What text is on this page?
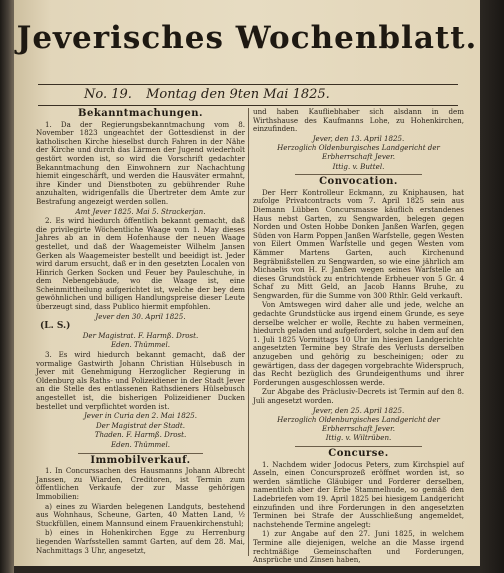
Jeverisches Wochenblatt.
No. 19. Montag den 9ten Mai 1825.
Bekanntmachungen.

1. Da der Regierungsbekanntmachung vom 8. November 1823 ungeachtet der Gottesdienst in der katholischen Kirche hieselbst durch Fahren in der Nähe der Kirche und durch das Lärmen der Jugend wiederholt gestört worden ist, so wird die Vorschrift gedachter Bekanntmachung den Einwohnern zur Nachachtung hiemit eingeschärft, und werden die Hausväter ermahnt, ihre Kinder und Dienstboten zu gebührender Ruhe anzuhalten, widrigenfalls die Übertreter dem Amte zur Bestrafung angezeigt werden sollen.

Amt Jever 1825. Mai 5. Strackerjan.

2. Es wird hiedurch öffentlich bekannt gemacht, daß die privilegirte Wöchentliche Waage vom 1. May dieses Jahres ab an in dem Hofenhause der neuen Waage gestellet, und daß der Waagemeister Wilhelm Jansen Gerken als Waagemeister bestellt und beeidigt ist. Jeder wird darum ersucht, daß er in den gesetzten Localen von Hinrich Gerken Socken und Feuer bey Pauleschuhe, in dem Nebengebäude, wo die Waage ist, eine Scheinmittheilung aufgerichtet ist, welche der bey dem gewöhnlichen und billigen Handlungspreise dieser Leute überzeugt sind, dass Publico hiermit empfohlen.

Jever den 30. April 1825.
(L. S.)
Der Magistrat. F. Harmß. Drost.
Eden. Thümmel.

3. Es wird hiedurch bekannt gemacht, daß der vormalige Gastwirth Johann Christian Hülsebusch in Jever mit Genehmigung Herzoglicher Regierung in Oldenburg als Raths- und Polizeidiener in der Stadt Jever an die Stelle des entlassenen Rathsdieners Hülsebusch angestellet ist, die bisherigen Polizeidiener Ducken bestellet und verpflichtet worden ist.

Jever in Curia den 2. Mai 1825.
Der Magistrat der Stadt.
Thaden. F. Harmß. Drost.
Eden. Thümmel.
Immobilverkauf.

1. In Concurssachen des Hausmanns Johann Albrecht Janssen, zu Wiarden, Creditoren, ist Termin zum öffentlichen Verkaufe der zur Masse gehörigen Immobilien:

a) eines zu Wiarden belegenen Landguts, bestehend aus Wohnhaus, Scheune, Garten, 40 Matten Land, ½ Stuckfüllen, einem Mannsund einem Frauenkirchenstuhl;

b) eines in Hohenkirchen Egge zu Herrenburg liegenden Warfsstellen sammt Garten, auf dem 28. Mai, Nachmittags 3 Uhr, angesetzt,

und haben Kaufliebhaber sich alsdann in dem Wirthshause des Kaufmanns Lohe, zu Hohenkirchen, einzufinden.

Jever, den 13. April 1825.
Herzoglich Oldenburgisches Landgericht der Erbherrschaft Jever.
Ittig. v. Buttel.
Convocation.

Der Herr Kontrolleur Eckmann, zu Kniphausen, hat zufolge Privatcontracts vom 7. April 1825 sein aus Diemann Lübben Concursmasse käuflich erstandenes Haus nebst Garten, zu Sengwarden, belegen gegen Norden und Osten Hobbe Donken Janßen Warfen, gegen Süden von Harm Poppen Janßen Warfstelle, gegen Westen von Eilert Ommen Warfstelle und gegen Westen vom Kämmer Martens Garten, auch Kirchenund Begräbnißstellen zu Sengwarden, so wie eine jährlich am Michaelis von H. F. Janßen wegen seines Warfstelle an dieses Grundstück zu entrichtende Erbheuer von 5 Gr. 4 Schaf zu Mitt Geld, an Jacob Hanns Bruhe, zu Sengwarden, für die Summe von 300 Rthlr. Geld verkauft.

Von Amtswegen wird daher alle und jede, welche an gedachte Grundstücke aus irgend einem Grunde, es seye derselbe welcher er wolle, Rechte zu haben vermeinen, hiedurch geladen und aufgefordert, solche in dem auf den 1. Juli 1825 Vormittags 10 Uhr im hiesigen Landgerichte angesetzten Termine bey Strafe des Verlusts derselben anzugeben und gehörig zu bescheinigen; oder zu gewärtigen, dass der dagegen vorgebrachte Widerspruch, das Recht bezüglich des Grundeigenthums und ihrer Forderungen ausgeschlossen werde.

Zur Abgabe des Präclusiv-Decrets ist Termin auf den 8. Juli angesetzt worden.

Jever, den 25. April 1825.
Herzoglich Oldenburgisches Landgericht der Erbherrschaft Jever.
Ittig. v. Wiltrüben.
Concurse.

1. Nachdem wider Jodocus Peters, zum Kirchspiel auf Asseln, einen Concursprozeß eröffnet worden ist, so werden sämtliche Gläubiger und Forderer derselben, namentlich aber der Erbe Stammelhude, so gemäß den Ladebriefen vom 19. April 1825 bei hiesigem Landgericht einzufinden und ihre Forderungen in den angesetzten Terminen bei Strafe der Ausschließung angemeldet, nachstehende Termine angelegt:

1) zur Angabe auf den 27. Juni 1825, in welchem Termine alle diejenigen, welche an die Masse irgend rechtmäßige Gemeinschaften und Forderungen, Ansprüche und Zinsen haben,
